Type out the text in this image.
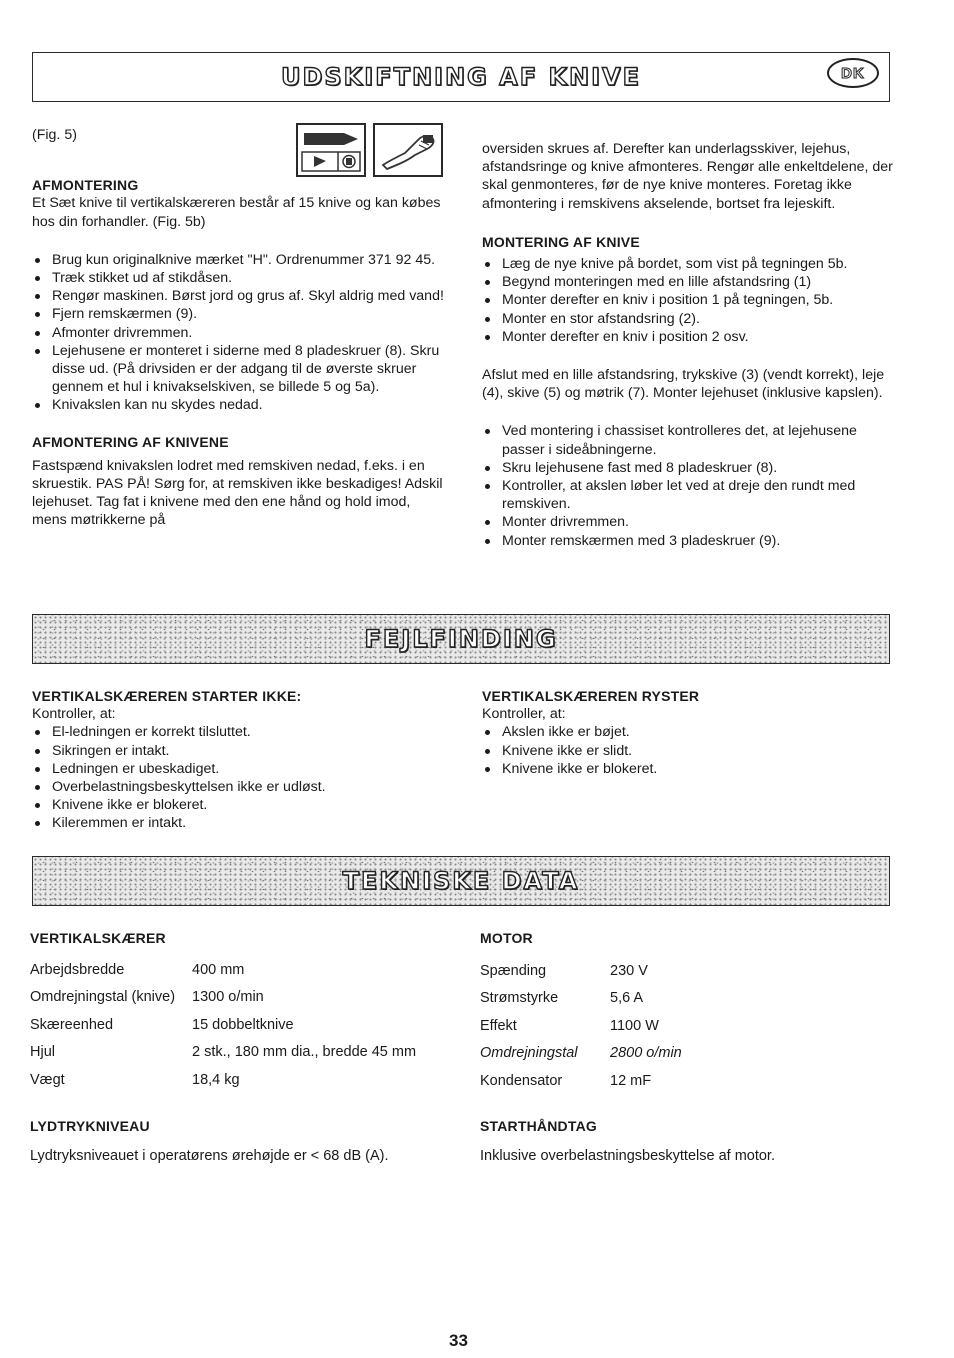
UDSKIFTNING AF KNIVE	DK

(Fig. 5)

AFMONTERING

Et Sæt knive til vertikalskæreren består af 15 knive og kan købes hos din forhandler. (Fig. 5b)

Brug kun originalknive mærket "H". Ordrenummer 371 92 45.
Træk stikket ud af stikdåsen.
Rengør maskinen. Børst jord og grus af. Skyl aldrig med vand!
Fjern remskærmen (9).
Afmonter drivremmen.
Lejehusene er monteret i siderne med 8 pladeskruer (8). Skru disse ud. (På drivsiden er der adgang til de øverste skruer gennem et hul i knivakselskiven, se billede 5 og 5a).
Knivakslen kan nu skydes nedad.
AFMONTERING AF KNIVENE

Fastspænd knivakslen lodret med remskiven nedad, f.eks. i en skruestik. PAS PÅ! Sørg for, at remskiven ikke beskadiges! Adskil lejehuset. Tag fat i knivene med den ene hånd og hold imod, mens møtrikkerne på

oversiden skrues af. Derefter kan underlagsskiver, lejehus, afstandsringe og knive afmonteres. Rengør alle enkeltdelene, der skal genmonteres, før de nye knive monteres. Foretag ikke afmontering i remskivens akselende, bortset fra lejeskift.

MONTERING AF KNIVE
Læg de nye knive på bordet, som vist på tegningen 5b.
Begynd monteringen med en lille afstandsring (1)
Monter derefter en kniv i position 1 på tegningen, 5b.
Monter en stor afstandsring (2).
Monter derefter en kniv i position 2 osv.

Afslut med en lille afstandsring, trykskive (3) (vendt korrekt), leje (4), skive (5) og møtrik (7). Monter lejehuset (inklusive kapslen).

Ved montering i chassiset kontrolleres det, at lejehusene passer i sideåbningerne.
Skru lejehusene fast med 8 pladeskruer (8).
Kontroller, at akslen løber let ved at dreje den rundt med remskiven.
Monter drivremmen.
Monter remskærmen med 3 pladeskruer (9).
FEJLFINDING
VERTIKALSKÆREREN STARTER IKKE:

Kontroller, at:

El-ledningen er korrekt tilsluttet.
Sikringen er intakt.
Ledningen er ubeskadiget.
Overbelastningsbeskyttelsen ikke er udløst.
Knivene ikke er blokeret.
Kileremmen er intakt.
VERTIKALSKÆREREN RYSTER

Kontroller, at:

Akslen ikke er bøjet.
Knivene ikke er slidt.
Knivene ikke er blokeret.
TEKNISKE DATA
VERTIKALSKÆRER
Arbejdsbredde	400 mm
Omdrejningstal (knive)	1300 o/min
Skæreenhed	15 dobbeltknive
Hjul	2 stk., 180 mm dia., bredde 45 mm
Vægt	18,4 kg
MOTOR
Spænding	230 V
Strømstyrke	5,6 A
Effekt	1100 W
Omdrejningstal	2800 o/min
Kondensator	12 mF
LYDTRYKNIVEAU

Lydtryksniveauet i operatørens ørehøjde er < 68 dB (A).

STARTHÅNDTAG

Inklusive overbelastningsbeskyttelse af motor.

33
